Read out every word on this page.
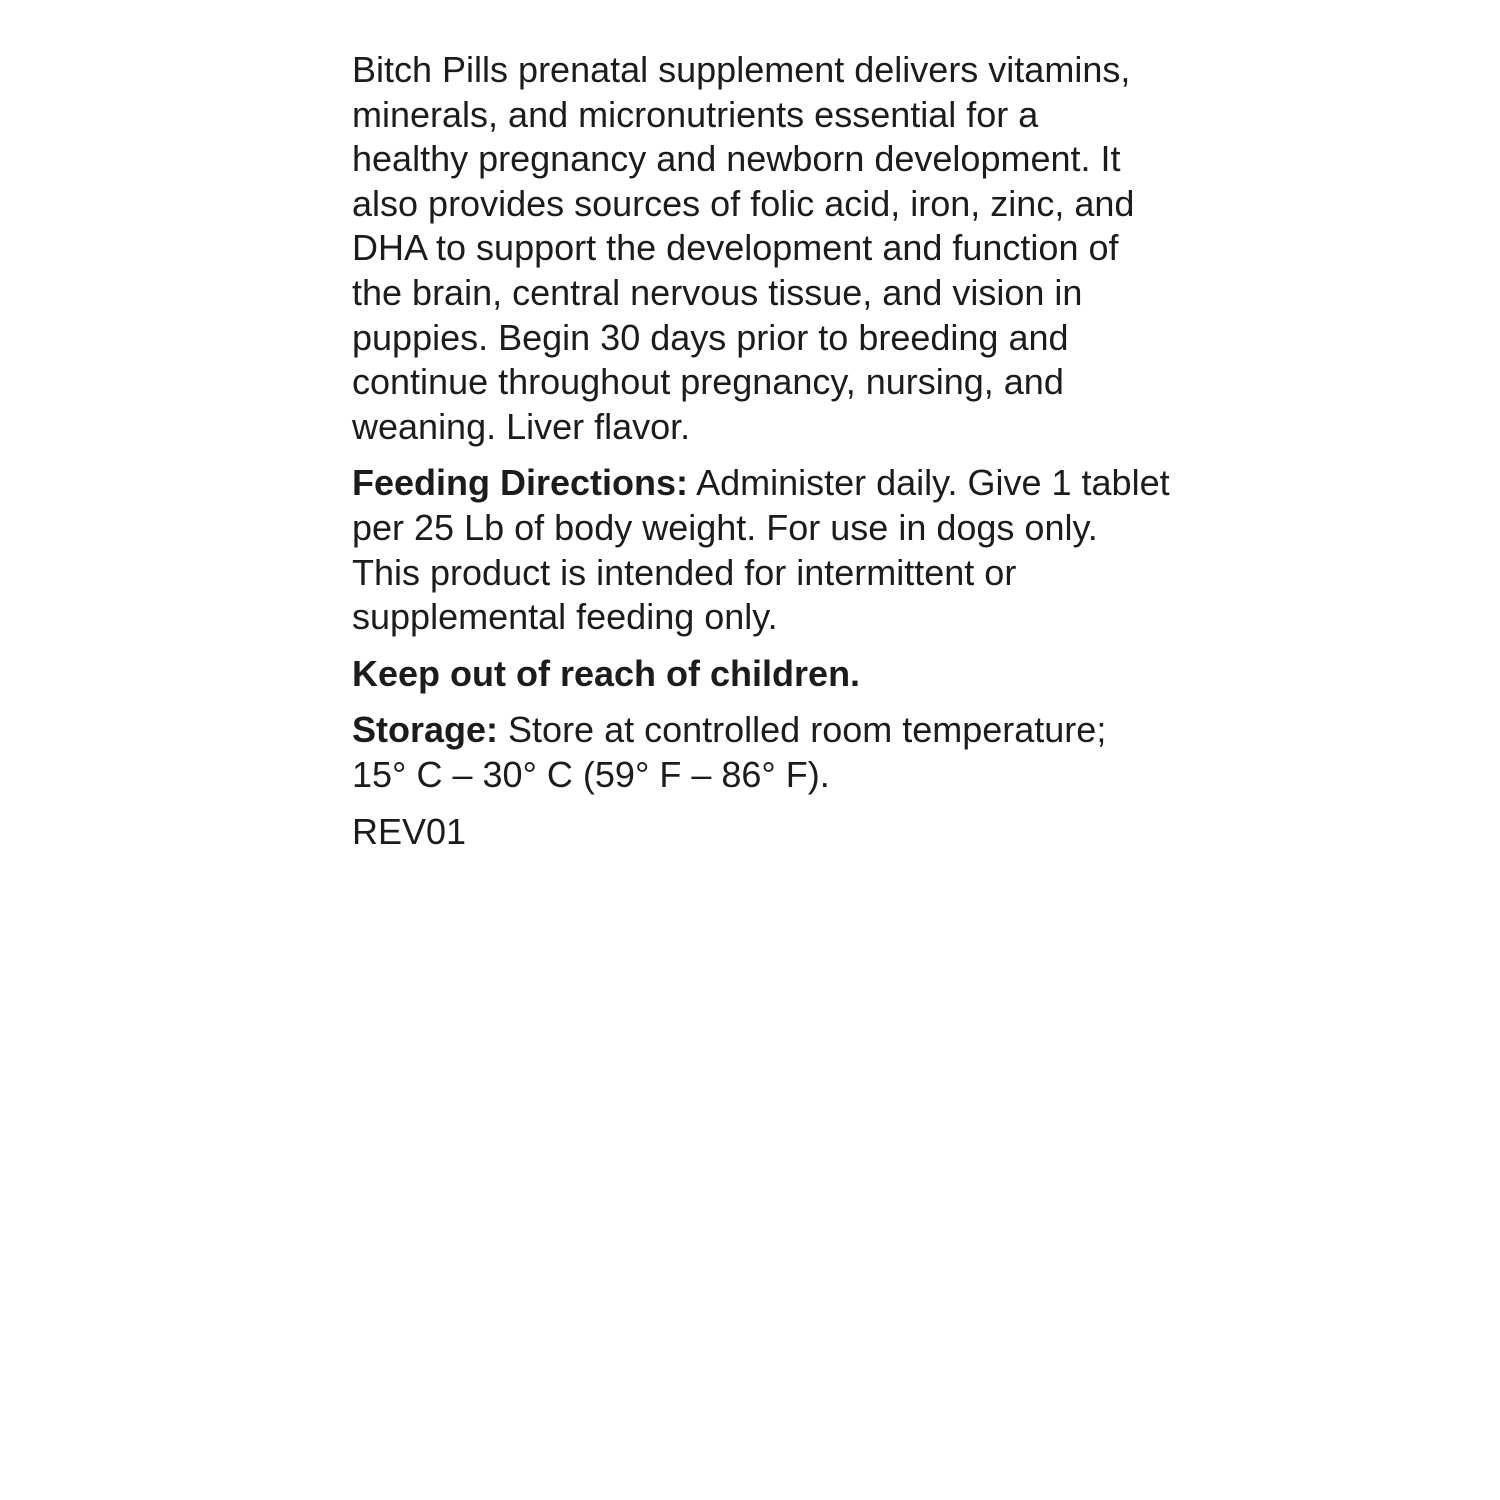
Bitch Pills prenatal supplement delivers vitamins,
minerals, and micronutrients essential for a
healthy pregnancy and newborn development. It
also provides sources of folic acid, iron, zinc, and
DHA to support the development and function of
the brain, central nervous tissue, and vision in
puppies. Begin 30 days prior to breeding and
continue throughout pregnancy, nursing, and
weaning. Liver flavor.

Feeding Directions: Administer daily. Give 1 tablet
per 25 Lb of body weight. For use in dogs only.
This product is intended for intermittent or
supplemental feeding only.

Keep out of reach of children.

Storage: Store at controlled room temperature;
15° C – 30° C (59° F – 86° F).

REV01
